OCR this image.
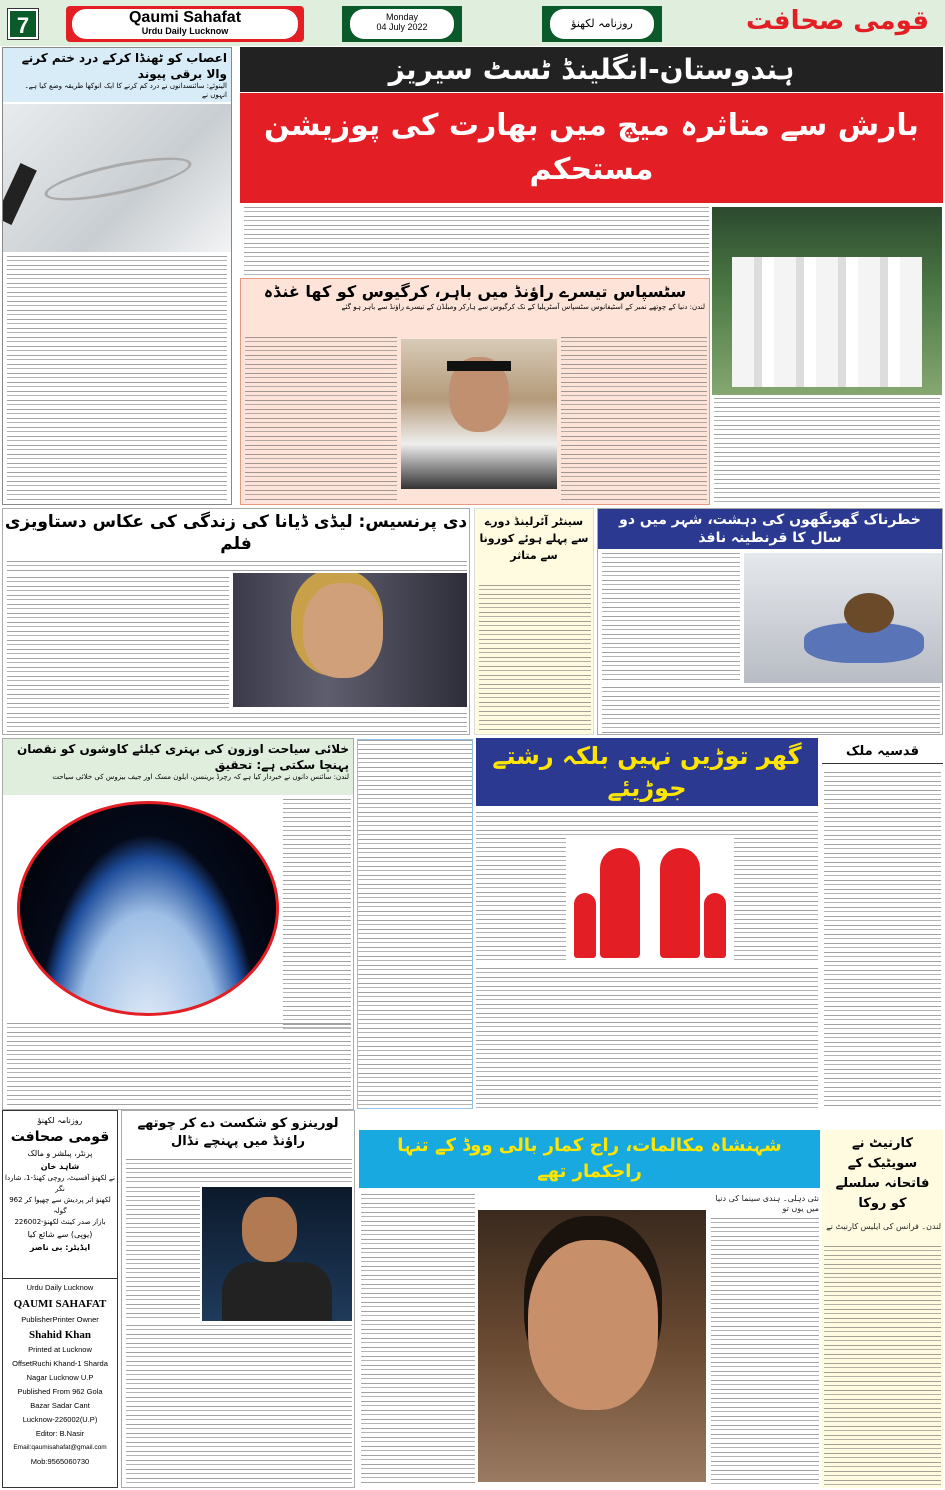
7	Qaumi Sahafat
Urdu Daily Lucknow
Monday
04 July 2022	روزنامہ لکھنؤ	قومی صحافت
اعصاب کو ٹھنڈا کرکے درد ختم کرنے والا برقی پیوند
الینوئے: سائنسدانوں نے درد کم کرنے کا ایک انوکھا طریقہ وضع کیا ہے۔ انہوں نے
ہندوستان-انگلینڈ ٹسٹ سیریز
بارش سے متاثرہ میچ میں بھارت کی پوزیشن مستحکم
سٹسپاس تیسرے راؤنڈ میں باہر، کرگیوس کو کھا غنڈہ
لندن: دنیا کے چوتھے نمبر کے اسٹیفانوس سٹسپاس آسٹریلیا کے نک کرگیوس سے ہارکر ومبلڈن کے تیسرے راؤنڈ سے باہر ہو گئے
دی پرنسیس: لیڈی ڈیانا کی زندگی کی عکاس دستاویزی فلم
سینٹر آئرلینڈ دورے سے پہلے ہوئے کورونا سے متاثر
خطرناک گھونگھوں کی دہشت، شہر میں دو سال کا قرنطینہ نافذ
خلائی سیاحت اوزون کی بہتری کیلئے کاوشوں کو نقصان پہنچا سکتی ہے: تحقیق
لندن: سائنس دانوں نے خبردار کیا ہے کہ رچرڈ برینسن، ایلون مسک اور جیف بیزوس کی خلائی سیاحت
گھر توڑیں نہیں بلکہ رشتے جوڑیئے
قدسیہ ملک
روزنامہ لکھنؤ
قومی صحافت
پرنٹر، پبلشر و مالک
شاہد خان
نے لکھنؤ آفسیٹ، روچی کھنڈ-1، شاردا نگر
لکھنؤ اتر پردیش سے چھپوا کر 962 گولہ
بازار صدر کینٹ لکھنؤ-226002
(یوپی) سے شائع کیا
ایڈیٹر: بی ناصر
Urdu Daily Lucknow
QAUMI SAHAFAT
PublisherPrinter Owner
Shahid Khan
Printed at Lucknow
OffsetRuchi Khand-1 Sharda
Nagar Lucknow U.P
Published From 962 Gola
Bazar Sadar Cant
Lucknow-226002(U.P)
Editor: B.Nasir
Email:qaumisahafat@gmail.com
Mob:9565060730
لورینزو کو شکست دے کر چوتھے راؤنڈ میں پہنچے نڈال	شہنشاہ مکالمات، راج کمار بالی ووڈ کے تنہا راجکمار تھے
نئی دہلی۔ ہندی سینما کی دنیا میں یوں تو
کارنیٹ نے سویٹیک کے فاتحانہ سلسلے کو روکا
لندن۔ فرانس کی ایلیس کارنیٹ نے
